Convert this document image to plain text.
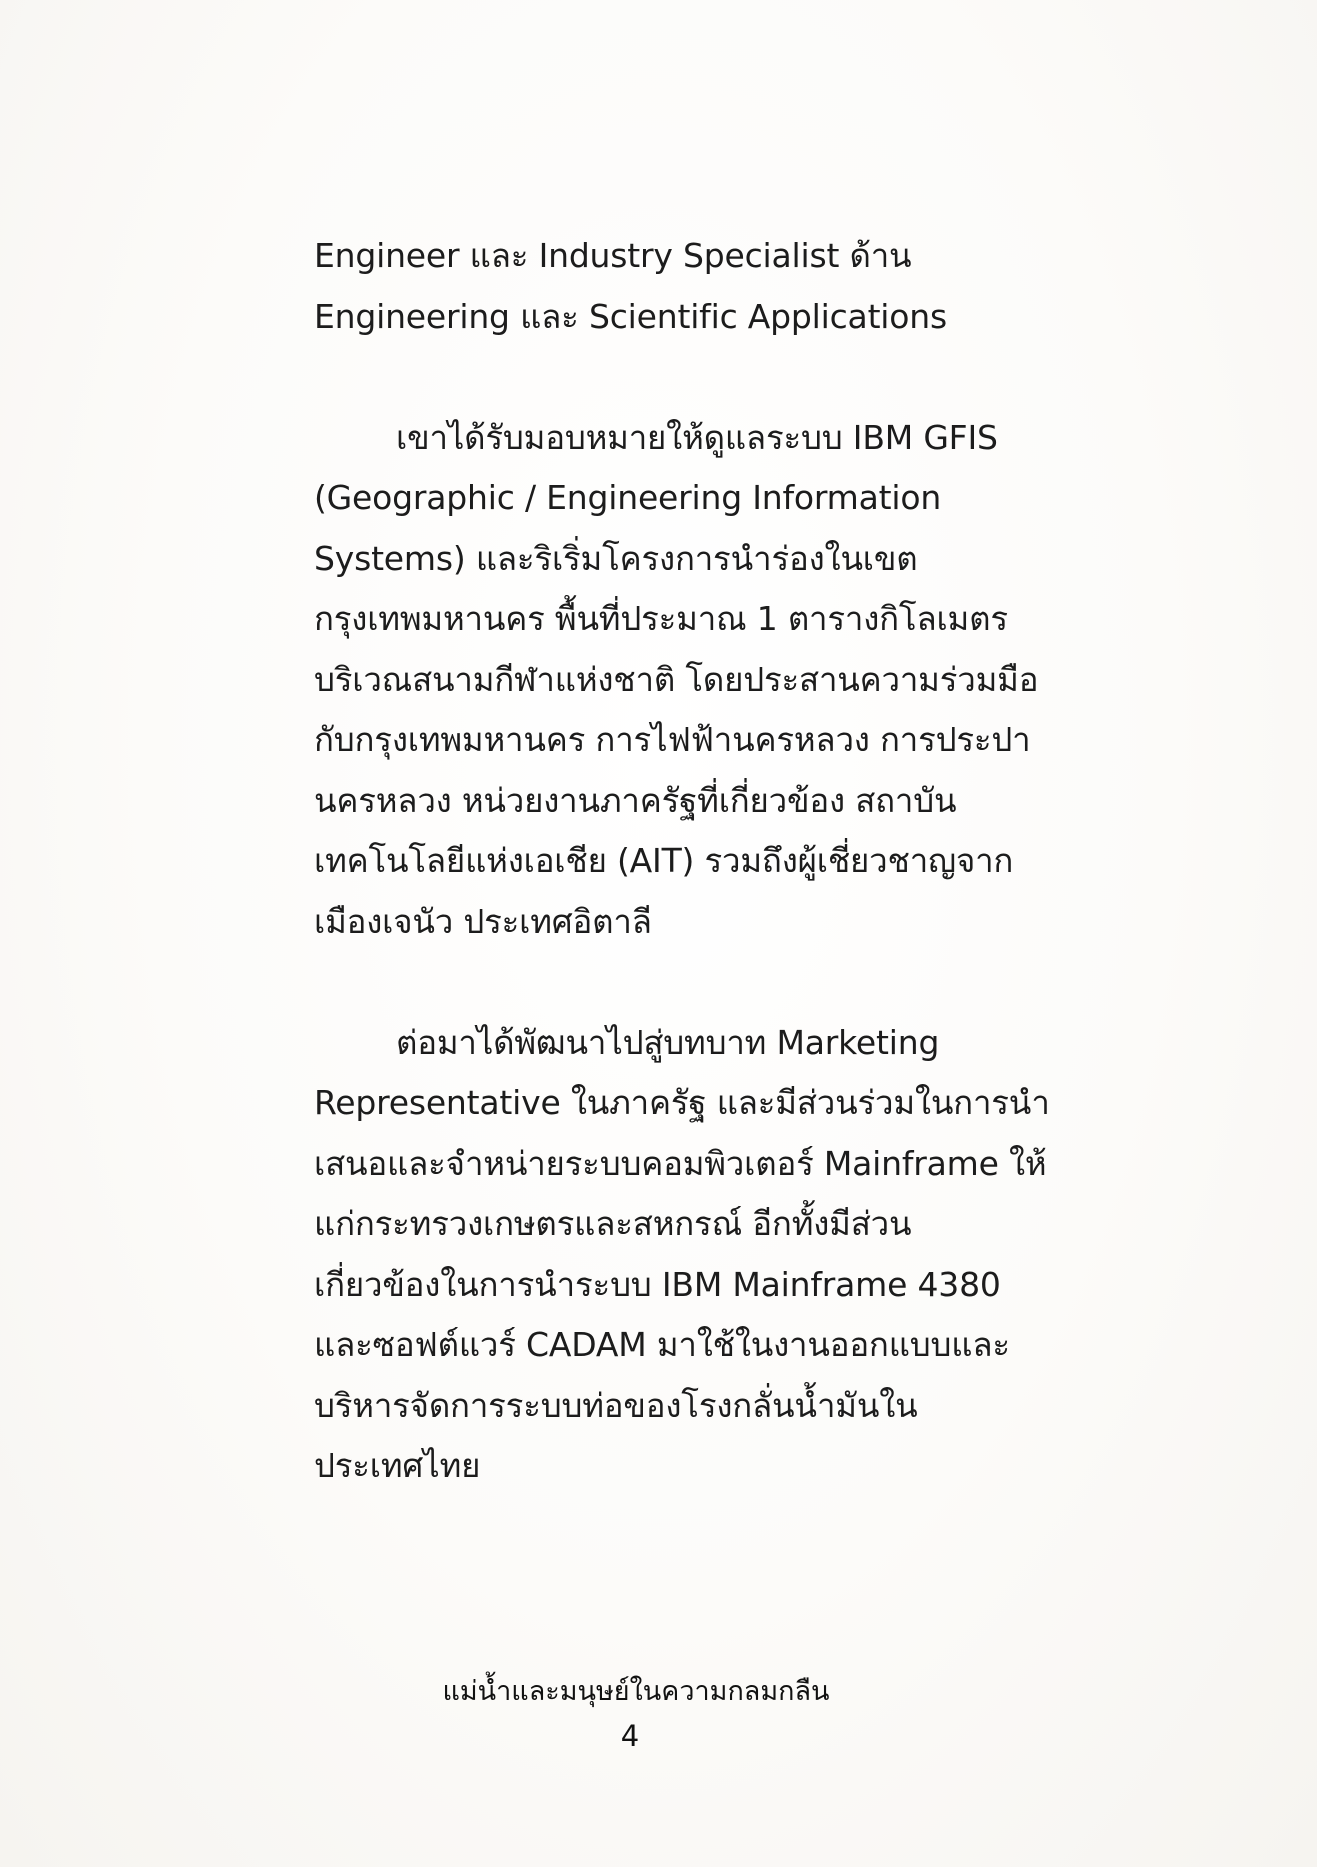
Engineer และ Industry Specialist ด้าน
Engineering และ Scientific Applications
เขาได้รับมอบหมายให้ดูแลระบบ IBM GFIS
(Geographic / Engineering Information
Systems) และริเริ่มโครงการนำร่องในเขต
กรุงเทพมหานคร พื้นที่ประมาณ 1 ตารางกิโลเมตร
บริเวณสนามกีฬาแห่งชาติ โดยประสานความร่วมมือ
กับกรุงเทพมหานคร การไฟฟ้านครหลวง การประปา
นครหลวง หน่วยงานภาครัฐที่เกี่ยวข้อง สถาบัน
เทคโนโลยีแห่งเอเชีย (AIT) รวมถึงผู้เชี่ยวชาญจาก
เมืองเจนัว ประเทศอิตาลี
ต่อมาได้พัฒนาไปสู่บทบาท Marketing
Representative ในภาครัฐ และมีส่วนร่วมในการนำ
เสนอและจำหน่ายระบบคอมพิวเตอร์ Mainframe ให้
แก่กระทรวงเกษตรและสหกรณ์ อีกทั้งมีส่วน
เกี่ยวข้องในการนำระบบ IBM Mainframe 4380
และซอฟต์แวร์ CADAM มาใช้ในงานออกแบบและ
บริหารจัดการระบบท่อของโรงกลั่นน้ำมันใน
ประเทศไทย
แม่น้ำและมนุษย์ในความกลมกลืน
4
